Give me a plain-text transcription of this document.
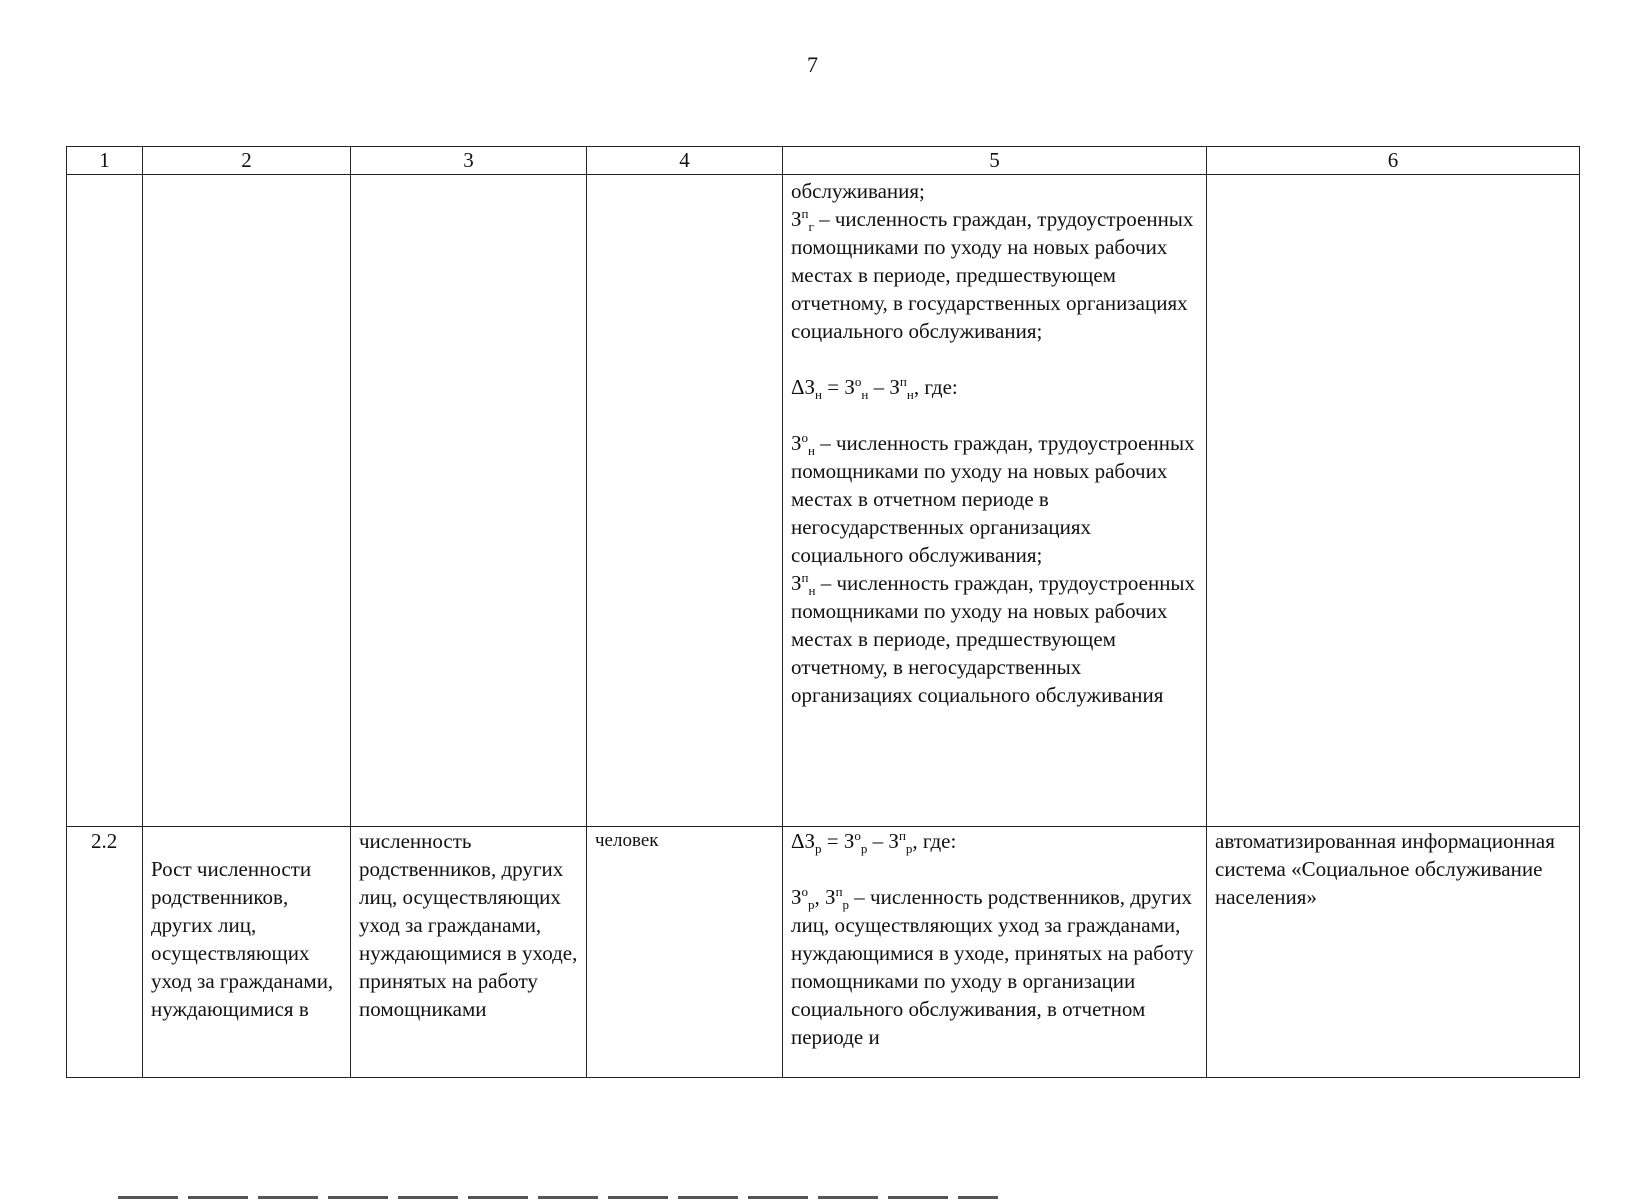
7
1	2	3	4	5	6

				обслуживания;
$З^п_г$ – численность граждан, трудоустроенных помощниками по уходу на новых рабочих местах в периоде, предшествующем отчетному, в государственных организациях социального обслуживания;
$\Delta З_н = З^о_н - З^п_н$, где:
$З^о_н$ – численность граждан, трудоустроенных помощниками по уходу на новых рабочих местах в отчетном периоде в негосударственных организациях социального обслуживания;
$З^п_н$ – численность граждан, трудоустроенных помощниками по уходу на новых рабочих местах в периоде, предшествующем отчетному, в негосударственных организациях социального обслуживания	

2.2	Рост численности родственников, других лиц, осуществляющих уход за гражданами, нуждающимися в	численность родственников, других лиц, осуществляющих уход за гражданами, нуждающимися в уходе, принятых на работу помощниками	человек	$\Delta З_р = З^о_р - З^п_р$, где:
$З^о_р$, $З^п_р$ – численность родственников, других лиц, осуществляющих уход за гражданами, нуждающимися в уходе, принятых на работу помощниками по уходу в организации социального обслуживания, в отчетном периоде и	автоматизированная информационная система «Социальное обслуживание населения»
